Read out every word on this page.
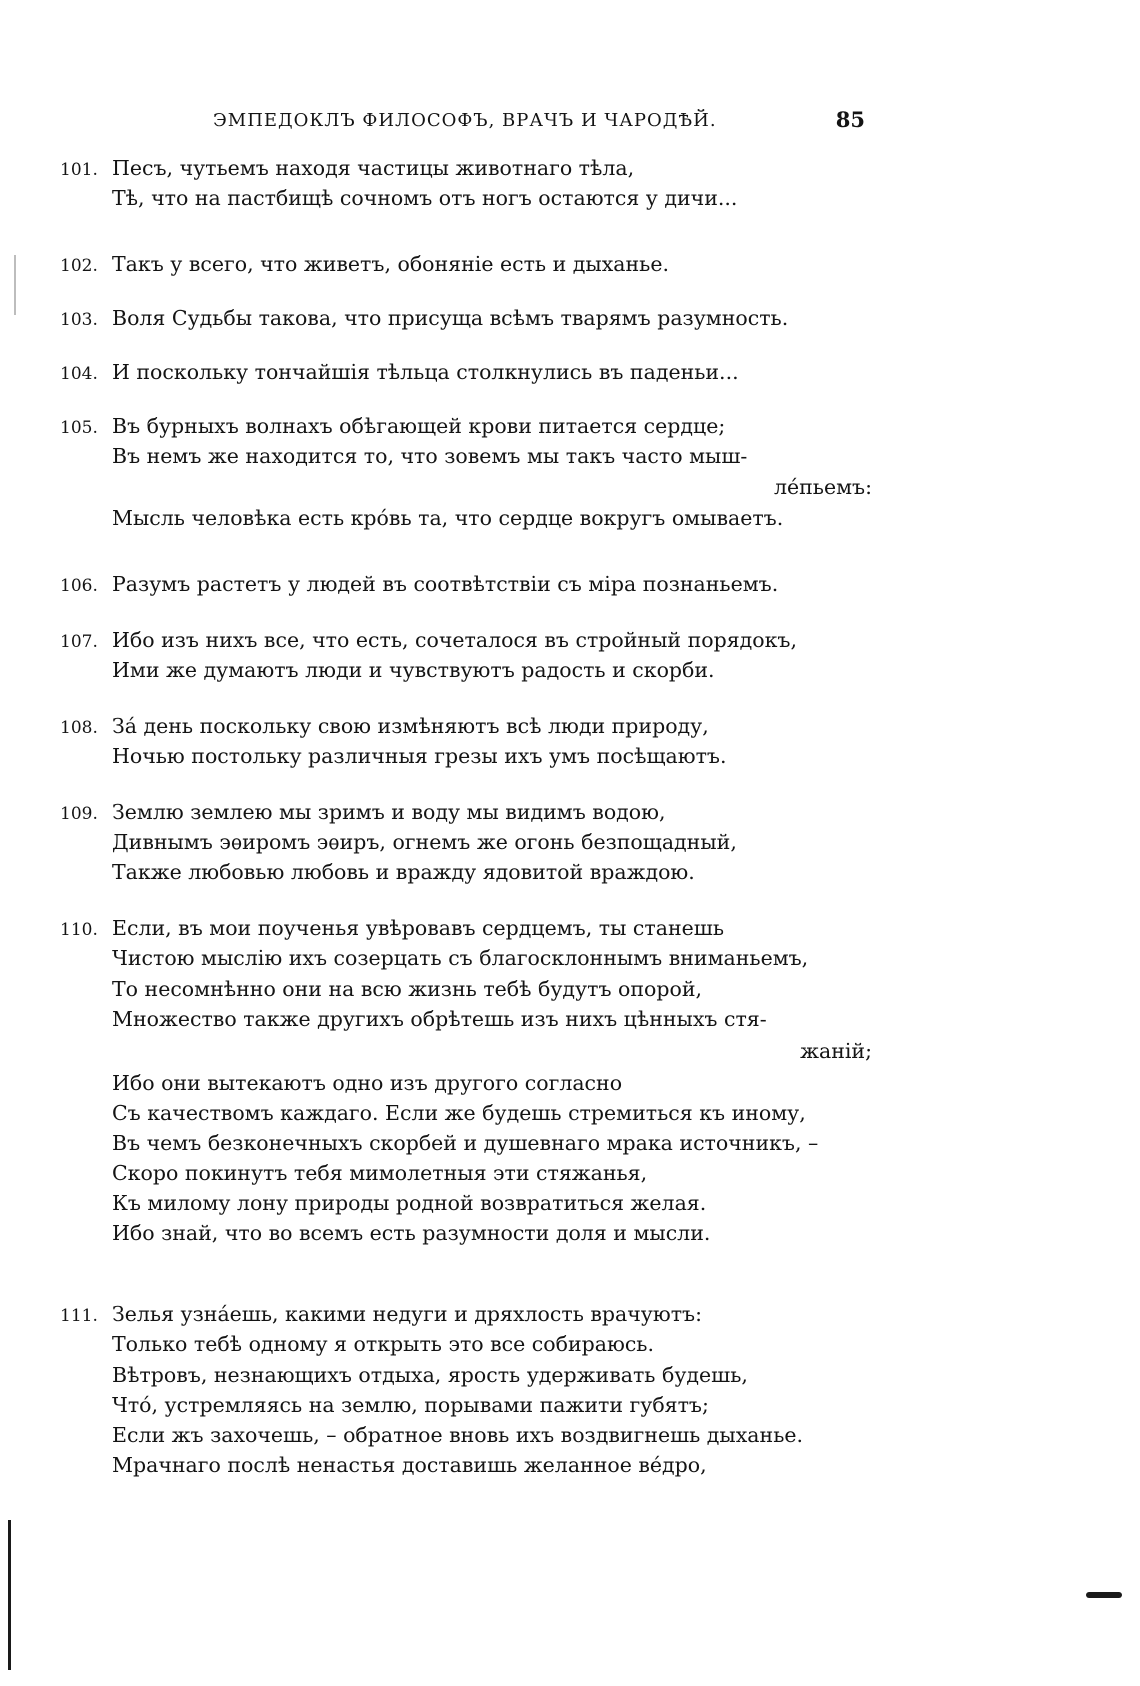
ЭМПЕДОКЛЪ ФИЛОСОФЪ, ВРАЧЪ И ЧАРОДѢЙ.	85
101. Песъ, чутьемъ находя частицы животнаго тѣла,
Тѣ, что на пастбищѣ сочномъ отъ ногъ остаются у дичи...
102. Такъ у всего, что живетъ, обоняніе есть и дыханье.
103. Воля Судьбы такова, что присуща всѣмъ тварямъ разумность.
104. И поскольку тончайшія тѣльца столкнулись въ паденьи...
105. Въ бурныхъ волнахъ обѣгающей крови питается сердце;
Въ немъ же находится то, что зовемъ мы такъ часто мыш-
ле́пьемъ:
Мысль человѣка есть кро́вь та, что сердце вокругъ омываетъ.
106. Разумъ растетъ у людей въ соотвѣтствіи съ міра познаньемъ.
107. Ибо изъ нихъ все, что есть, сочеталося въ стройный порядокъ,
Ими же думаютъ люди и чувствуютъ радость и скорби.
108. За́ день поскольку свою измѣняютъ всѣ люди природу,
Ночью постольку различныя грезы ихъ умъ посѣщаютъ.
109. Землю землею мы зримъ и воду мы видимъ водою,
Дивнымъ эѳиромъ эѳиръ, огнемъ же огонь безпощадный,
Также любовью любовь и вражду ядовитой враждою.
110. Если, въ мои поученья увѣровавъ сердцемъ, ты станешь
Чистою мыслію ихъ созерцать съ благосклоннымъ вниманьемъ,
То несомнѣнно они на всю жизнь тебѣ будутъ опорой,
Множество также другихъ обрѣтешь изъ нихъ цѣнныхъ стя-
жаній;
Ибо они вытекаютъ одно изъ другого согласно
Съ качествомъ каждаго. Если же будешь стремиться къ иному,
Въ чемъ безконечныхъ скорбей и душевнаго мрака источникъ, –
Скоро покинутъ тебя мимолетныя эти стяжанья,
Къ милому лону природы родной возвратиться желая.
Ибо знай, что во всемъ есть разумности доля и мысли.
111. Зелья узна́ешь, какими недуги и дряхлость врачуютъ:
Только тебѣ одному я открыть это все собираюсь.
Вѣтровъ, незнающихъ отдыха, ярость удерживать будешь,
Что́, устремляясь на землю, порывами пажити губятъ;
Если жъ захочешь, – обратное вновь ихъ воздвигнешь дыханье.
Мрачнаго послѣ ненастья доставишь желанное ве́дро,
